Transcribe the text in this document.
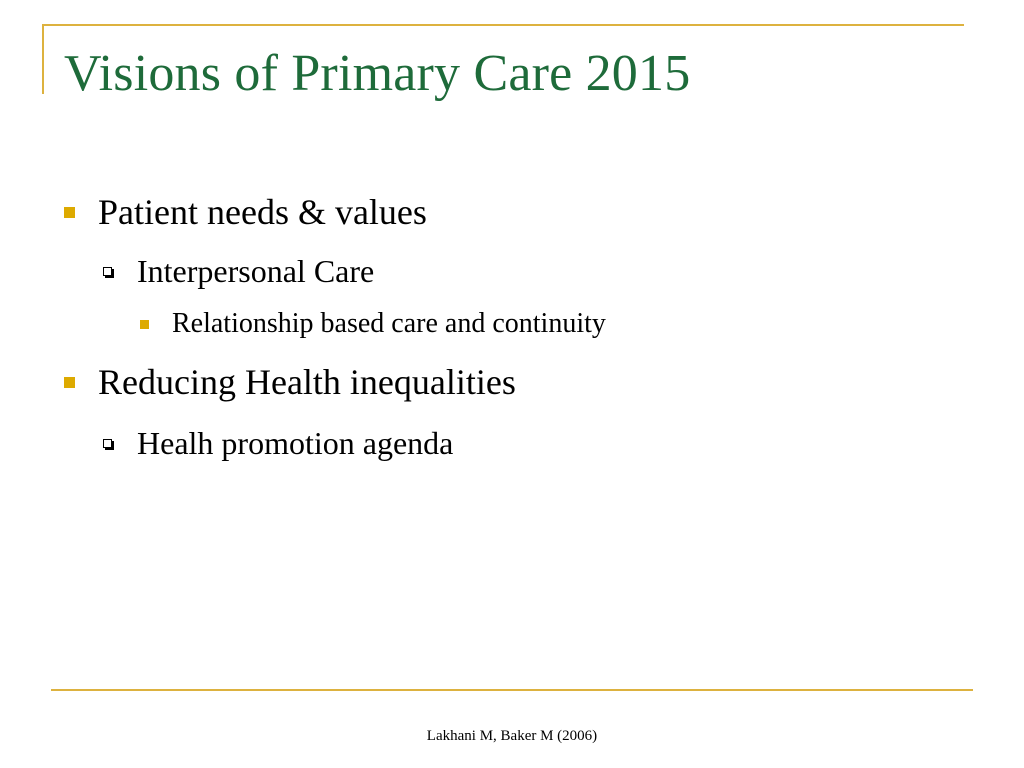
Visions of Primary Care 2015
Patient needs & values
Interpersonal Care
Relationship based care and continuity
Reducing Health inequalities
Healh promotion agenda
Lakhani M, Baker M (2006)
